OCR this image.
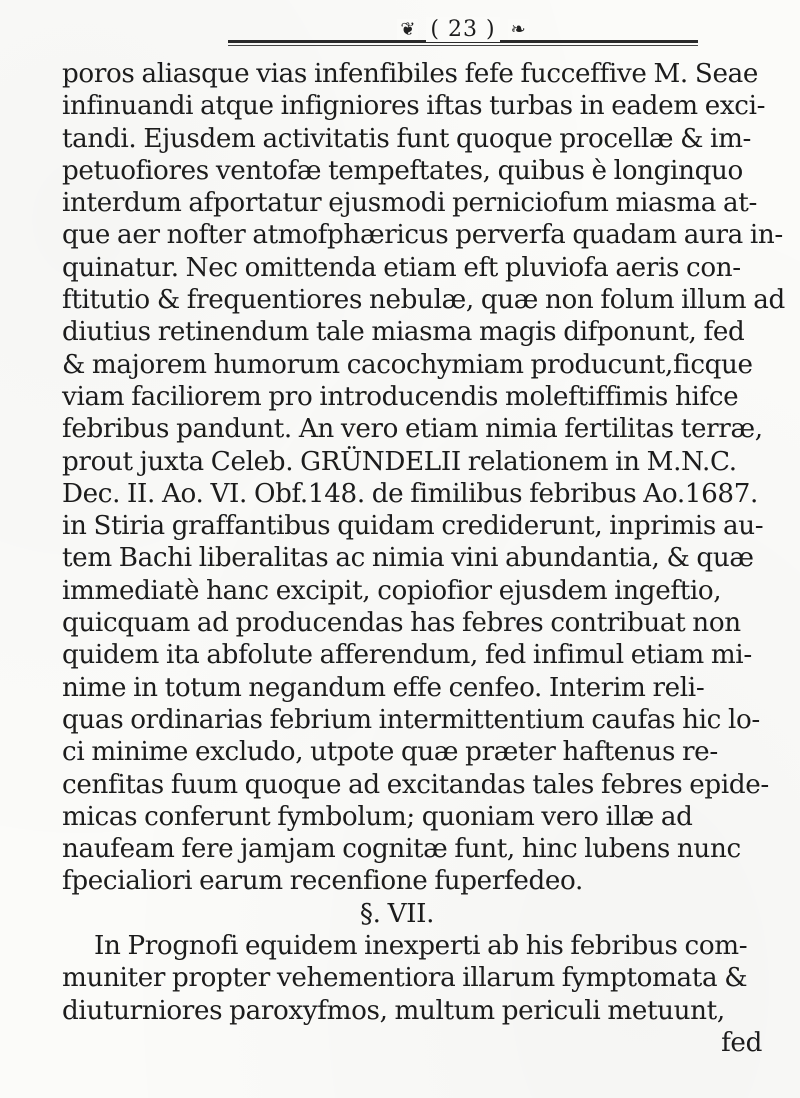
❦ ( 23 ) ❧
poros aliasque vias infenfibiles fefe fucceffive M. Seae
infinuandi atque infigniores iftas turbas in eadem exci-
tandi. Ejusdem activitatis funt quoque procellæ & im-
petuofiores ventofæ tempeftates, quibus è longinquo
interdum afportatur ejusmodi perniciofum miasma at-
que aer nofter atmofphæricus perverfa quadam aura in-
quinatur. Nec omittenda etiam eft pluviofa aeris con-
ftitutio & frequentiores nebulæ, quæ non folum illum ad
diutius retinendum tale miasma magis difponunt, fed
& majorem humorum cacochymiam producunt,ficque
viam faciliorem pro introducendis moleftiffimis hifce
febribus pandunt. An vero etiam nimia fertilitas terræ,
prout juxta Celeb. GRÜNDELII relationem in M.N.C.
Dec. II. Ao. VI. Obf.148. de fimilibus febribus Ao.1687.
in Stiria graffantibus quidam crediderunt, inprimis au-
tem Bachi liberalitas ac nimia vini abundantia, & quæ
immediatè hanc excipit, copiofior ejusdem ingeftio,
quicquam ad producendas has febres contribuat non
quidem ita abfolute afferendum, fed infimul etiam mi-
nime in totum negandum effe cenfeo. Interim reli-
quas ordinarias febrium intermittentium caufas hic lo-
ci minime excludo, utpote quæ præter haftenus re-
cenfitas fuum quoque ad excitandas tales febres epide-
micas conferunt fymbolum; quoniam vero illæ ad
naufeam fere jamjam cognitæ funt, hinc lubens nunc
fpecialiori earum recenfione fuperfedeo.
§. VII.
In Prognofi equidem inexperti ab his febribus com-
muniter propter vehementiora illarum fymptomata &
diuturniores paroxyfmos, multum periculi metuunt,
fed
